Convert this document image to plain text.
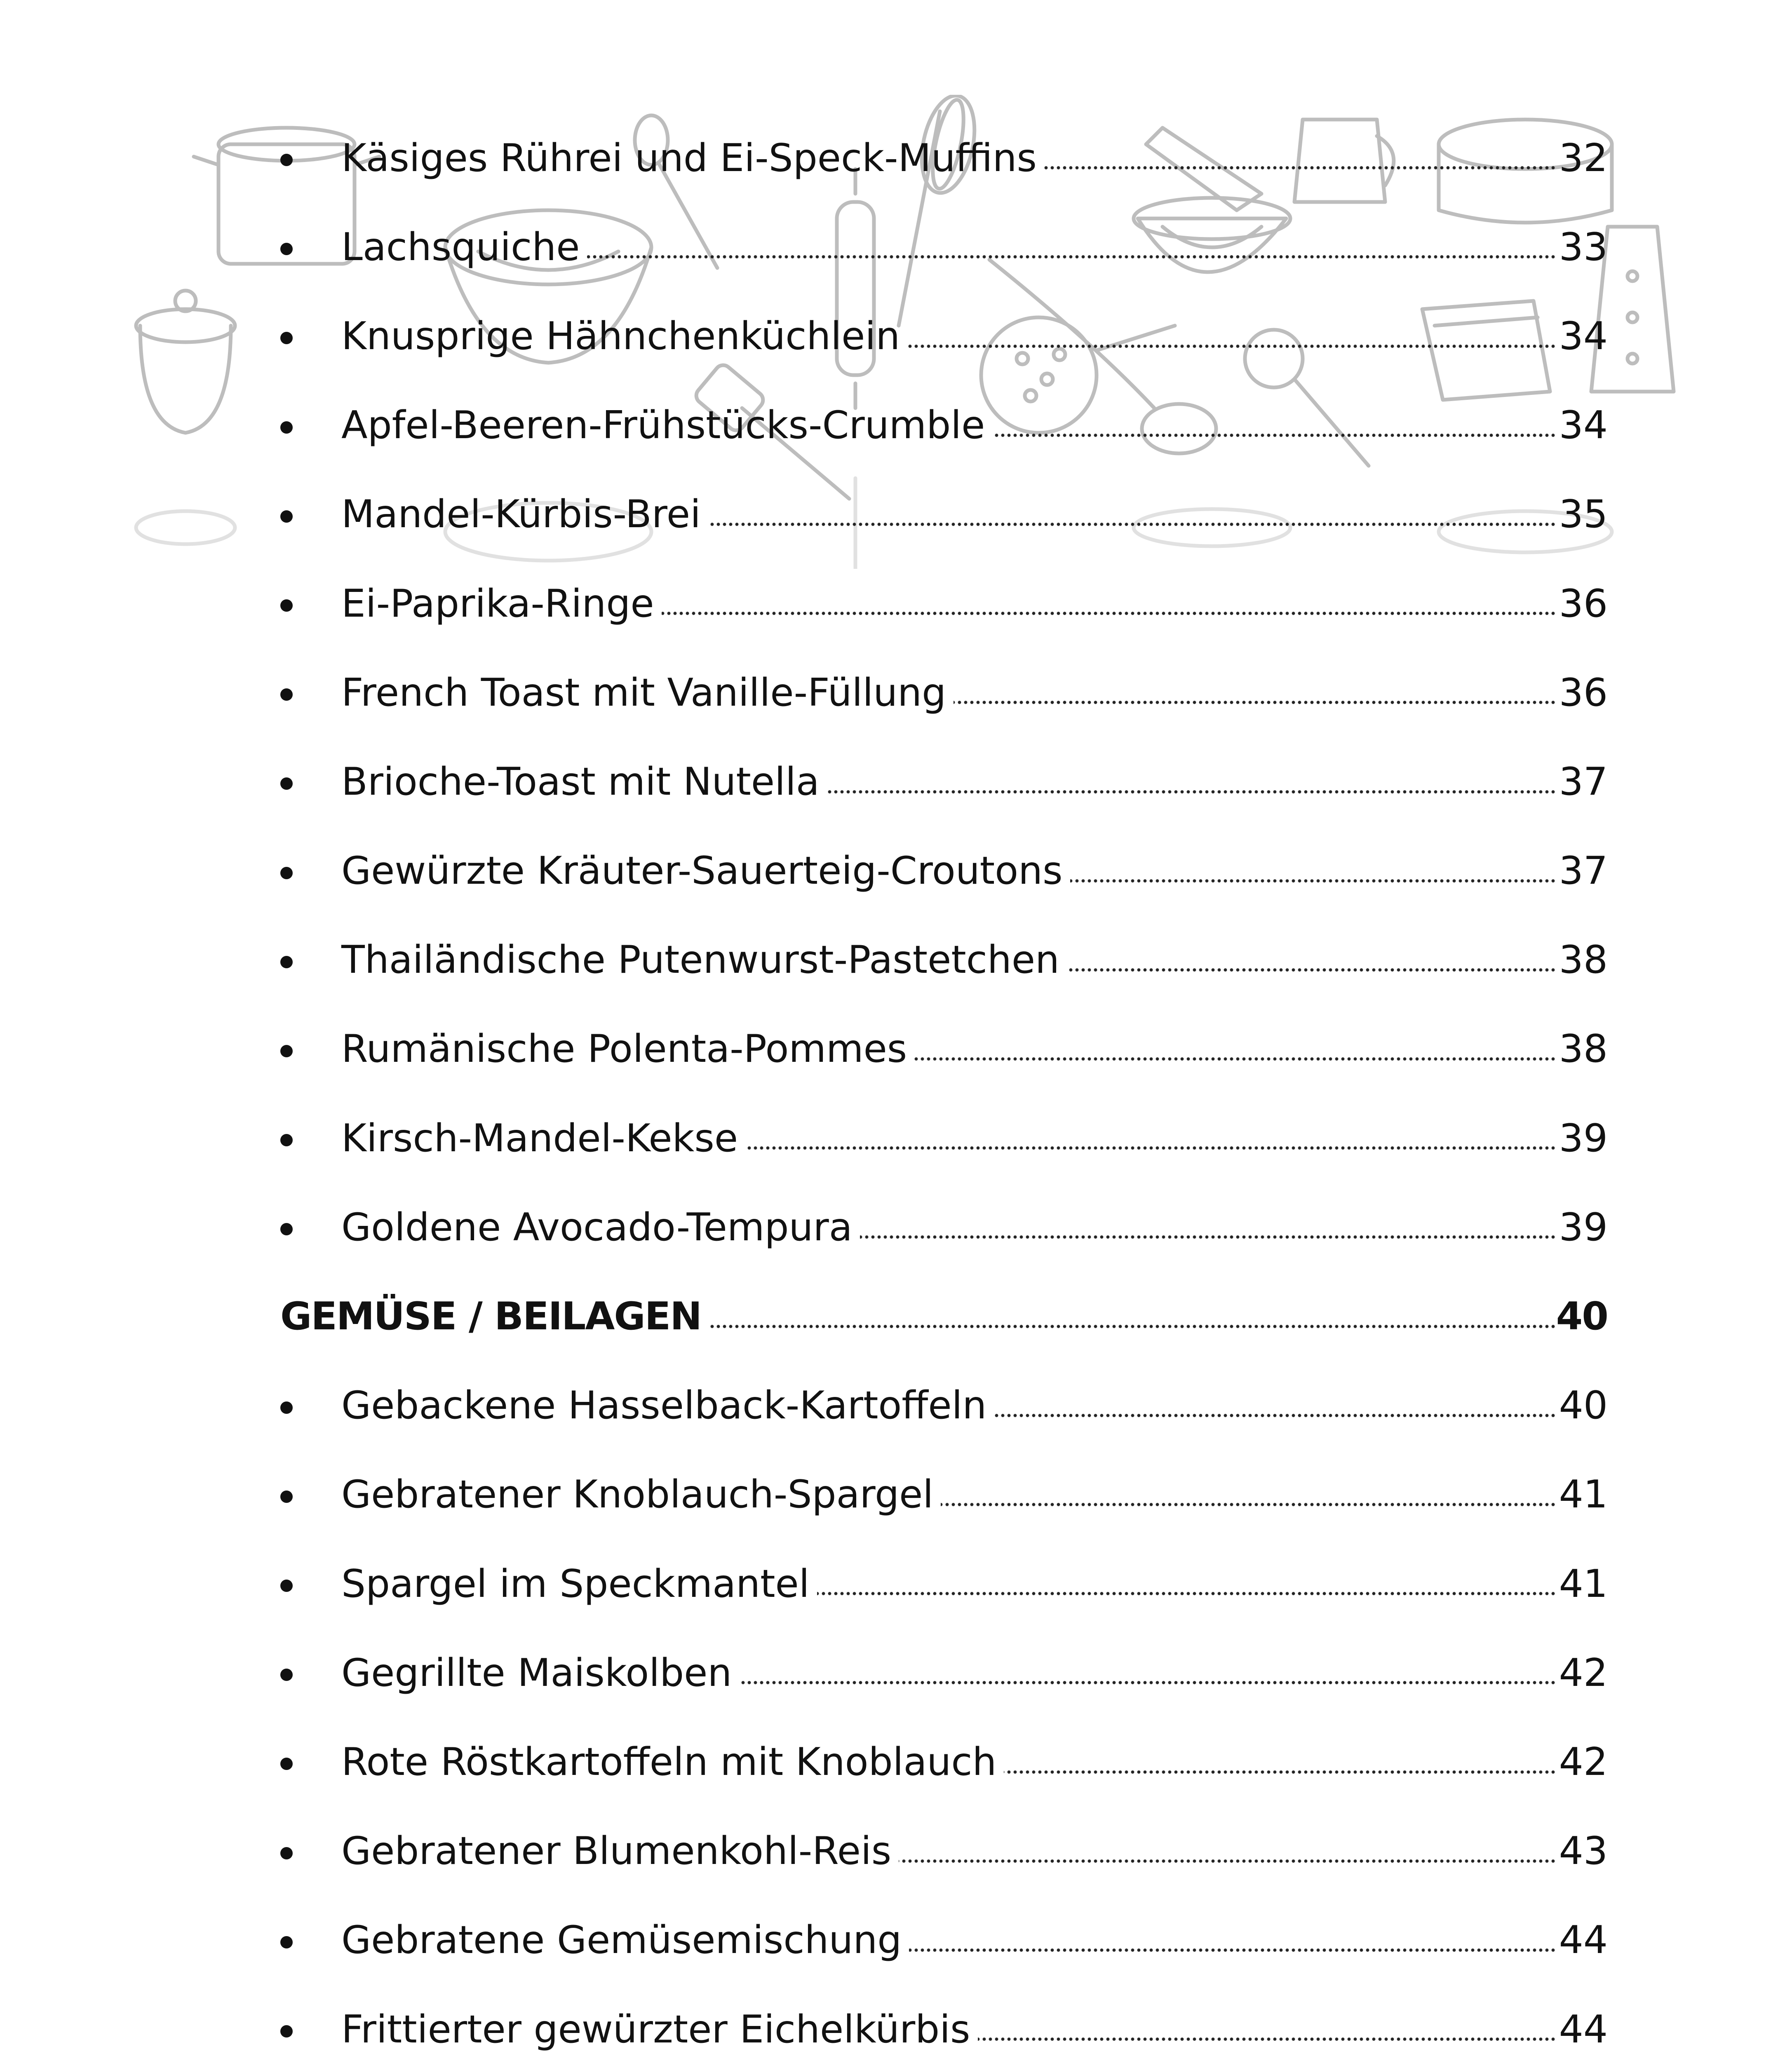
Käsiges Rührei und Ei-Speck-Muffins	32
Lachsquiche	33
Knusprige Hähnchenküchlein	34
Apfel-Beeren-Frühstücks-Crumble	34
Mandel-Kürbis-Brei	35
Ei-Paprika-Ringe	36
French Toast mit Vanille-Füllung	36
Brioche-Toast mit Nutella	37
Gewürzte Kräuter-Sauerteig-Croutons	37
Thailändische Putenwurst-Pastetchen	38
Rumänische Polenta-Pommes	38
Kirsch-Mandel-Kekse	39
Goldene Avocado-Tempura	39
GEMÜSE / BEILAGEN	40
Gebackene Hasselback-Kartoffeln	40
Gebratener Knoblauch-Spargel	41
Spargel im Speckmantel	41
Gegrillte Maiskolben	42
Rote Röstkartoffeln mit Knoblauch	42
Gebratener Blumenkohl-Reis	43
Gebratene Gemüsemischung	44
Frittierter gewürzter Eichelkürbis	44
